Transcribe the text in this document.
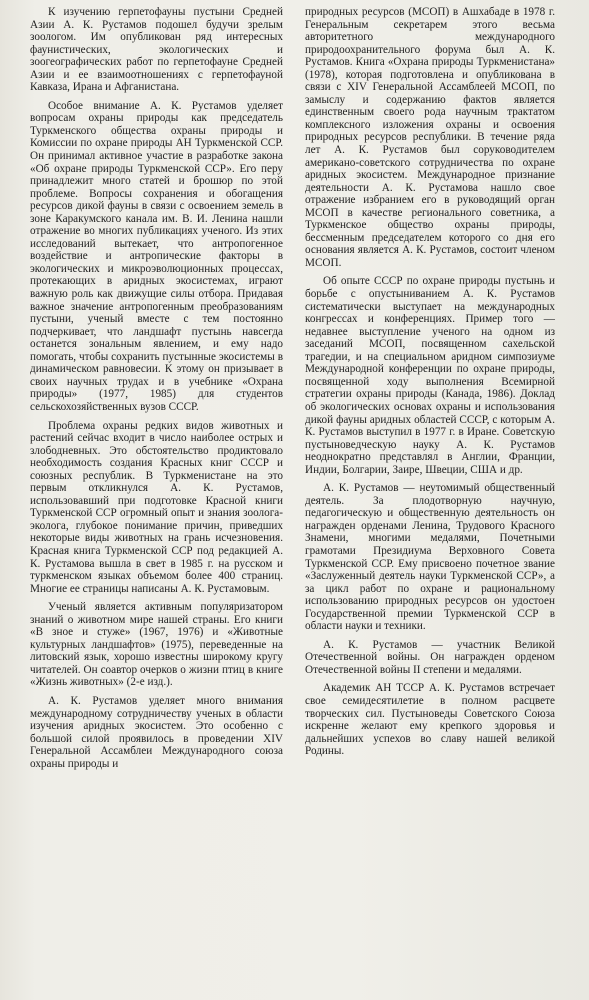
К изучению герпетофауны пустыни Средней Азии А. К. Рустамов подошел будучи зрелым зоологом. Им опубликован ряд интересных фаунистических, экологических и зоогеографических работ по герпетофауне Средней Азии и ее взаимоотношениях с герпетофауной Кавказа, Ирана и Афганистана.

Особое внимание А. К. Рустамов уделяет вопросам охраны природы как председатель Туркменского общества охраны природы и Комиссии по охране природы АН Туркменской ССР. Он принимал активное участие в разработке закона «Об охране природы Туркменской ССР». Его перу принадлежит много статей и брошюр по этой проблеме. Вопросы сохранения и обогащения ресурсов дикой фауны в связи с освоением земель в зоне Каракумского канала им. В. И. Ленина нашли отражение во многих публикациях ученого. Из этих исследований вытекает, что антропогенное воздействие и антропические факторы в экологических и микроэволюционных процессах, протекающих в аридных экосистемах, играют важную роль как движущие силы отбора. Придавая важное значение антропогенным преобразованиям пустыни, ученый вместе с тем постоянно подчеркивает, что ландшафт пустынь навсегда останется зональным явлением, и ему надо помогать, чтобы сохранить пустынные экосистемы в динамическом равновесии. К этому он призывает в своих научных трудах и в учебнике «Охрана природы» (1977, 1985) для студентов сельскохозяйственных вузов СССР.

Проблема охраны редких видов животных и растений сейчас входит в число наиболее острых и злободневных. Это обстоятельство продиктовало необходимость создания Красных книг СССР и союзных республик. В Туркменистане на это первым откликнулся А. К. Рустамов, использовавший при подготовке Красной книги Туркменской ССР огромный опыт и знания зоолога-эколога, глубокое понимание причин, приведших некоторые виды животных на грань исчезновения. Красная книга Туркменской ССР под редакцией А. К. Рустамова вышла в свет в 1985 г. на русском и туркменском языках объемом более 400 страниц. Многие ее страницы написаны А. К. Рустамовым.

Ученый является активным популяризатором знаний о животном мире нашей страны. Его книги «В зное и стуже» (1967, 1976) и «Животные культурных ландшафтов» (1975), переведенные на литовский язык, хорошо известны широкому кругу читателей. Он соавтор очерков о жизни птиц в книге «Жизнь животных» (2-е изд.).

А. К. Рустамов уделяет много внимания международному сотрудничеству ученых в области изучения аридных экосистем. Это особенно с большой силой проявилось в проведении XIV Генеральной Ассамблеи Международного союза охраны природы и

природных ресурсов (МСОП) в Ашхабаде в 1978 г. Генеральным секретарем этого весьма авторитетного международного природоохранительного форума был А. К. Рустамов. Книга «Охрана природы Туркменистана» (1978), которая подготовлена и опубликована в связи с XIV Генеральной Ассамблеей МСОП, по замыслу и содержанию фактов является единственным своего рода научным трактатом комплексного изложения охраны и освоения природных ресурсов республики. В течение ряда лет А. К. Рустамов был соруководителем американо-советского сотрудничества по охране аридных экосистем. Международное признание деятельности А. К. Рустамова нашло свое отражение избранием его в руководящий орган МСОП в качестве регионального советника, а Туркменское общество охраны природы, бессменным председателем которого со дня его основания является А. К. Рустамов, состоит членом МСОП.

Об опыте СССР по охране природы пустынь и борьбе с опустыниванием А. К. Рустамов систематически выступает на международных конгрессах и конференциях. Пример того — недавнее выступление ученого на одном из заседаний МСОП, посвященном сахельской трагедии, и на специальном аридном симпозиуме Международной конференции по охране природы, посвященной ходу выполнения Всемирной стратегии охраны природы (Канада, 1986). Доклад об экологических основах охраны и использования дикой фауны аридных областей СССР, с которым А. К. Рустамов выступил в 1977 г. в Иране. Советскую пустыноведческую науку А. К. Рустамов неоднократно представлял в Англии, Франции, Индии, Болгарии, Заире, Швеции, США и др.

А. К. Рустамов — неутомимый общественный деятель. За плодотворную научную, педагогическую и общественную деятельность он награжден орденами Ленина, Трудового Красного Знамени, многими медалями, Почетными грамотами Президиума Верховного Совета Туркменской ССР. Ему присвоено почетное звание «Заслуженный деятель науки Туркменской ССР», а за цикл работ по охране и рациональному использованию природных ресурсов он удостоен Государственной премии Туркменской ССР в области науки и техники.

А. К. Рустамов — участник Великой Отечественной войны. Он награжден орденом Отечественной войны II степени и медалями.

Академик АН ТССР А. К. Рустамов встречает свое семидесятилетие в полном расцвете творческих сил. Пустыноведы Советского Союза искренне желают ему крепкого здоровья и дальнейших успехов во славу нашей великой Родины.
